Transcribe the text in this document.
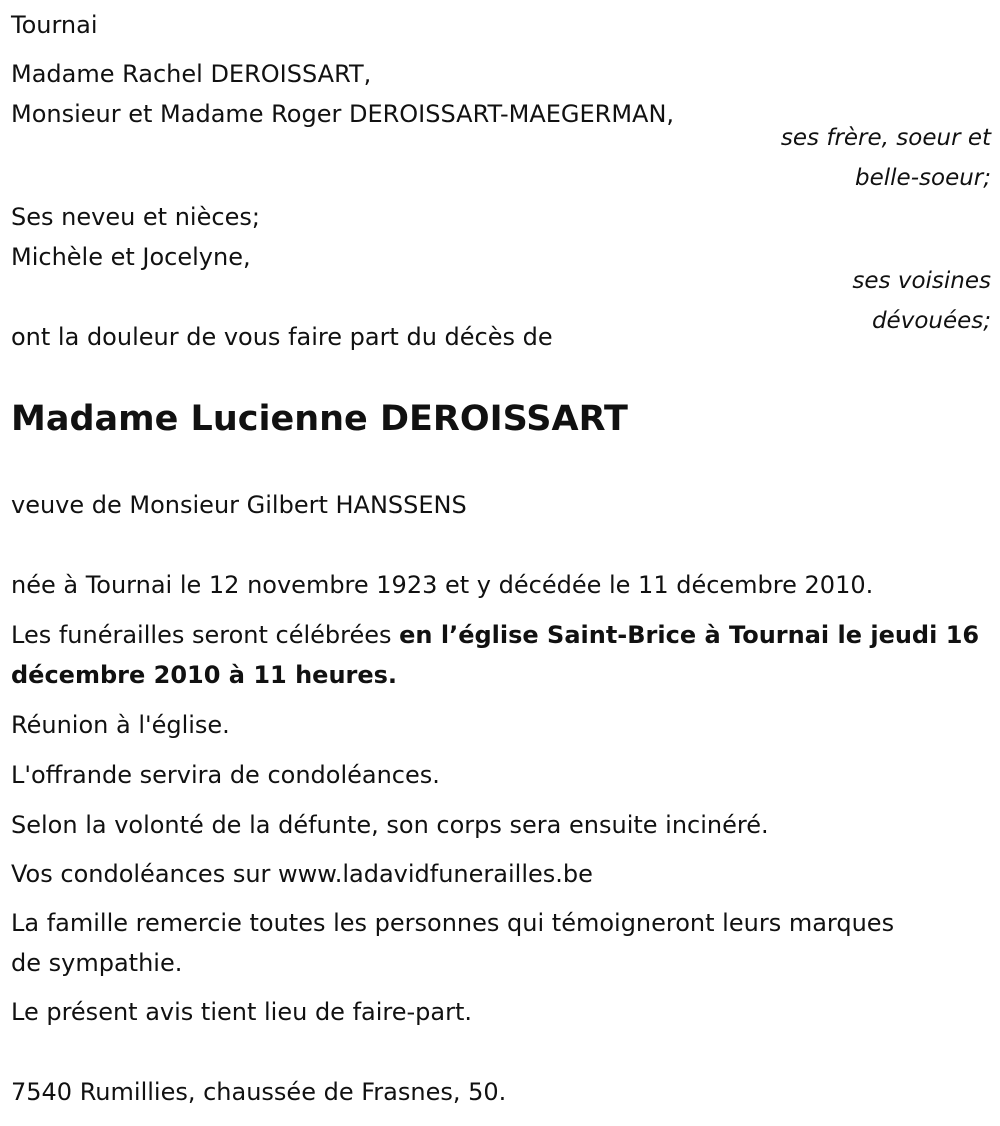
Tournai
Madame Rachel DEROISSART,
Monsieur et Madame Roger DEROISSART-MAEGERMAN,
ses frère, soeur et
belle-soeur;
Ses neveu et nièces;
Michèle et Jocelyne,
ses voisines
dévouées;
ont la douleur de vous faire part du décès de
Madame Lucienne DEROISSART
veuve de Monsieur Gilbert HANSSENS
née à Tournai le 12 novembre 1923 et y décédée le 11 décembre 2010.
Les funérailles seront célébrées en l’église Saint-Brice à Tournai le jeudi 16 décembre 2010 à 11 heures.
Réunion à l'église.
L'offrande servira de condoléances.
Selon la volonté de la défunte, son corps sera ensuite incinéré.
Vos condoléances sur www.ladavidfunerailles.be
La famille remercie toutes les personnes qui témoigneront leurs marques de sympathie.
Le présent avis tient lieu de faire-part.
7540 Rumillies, chaussée de Frasnes, 50.
